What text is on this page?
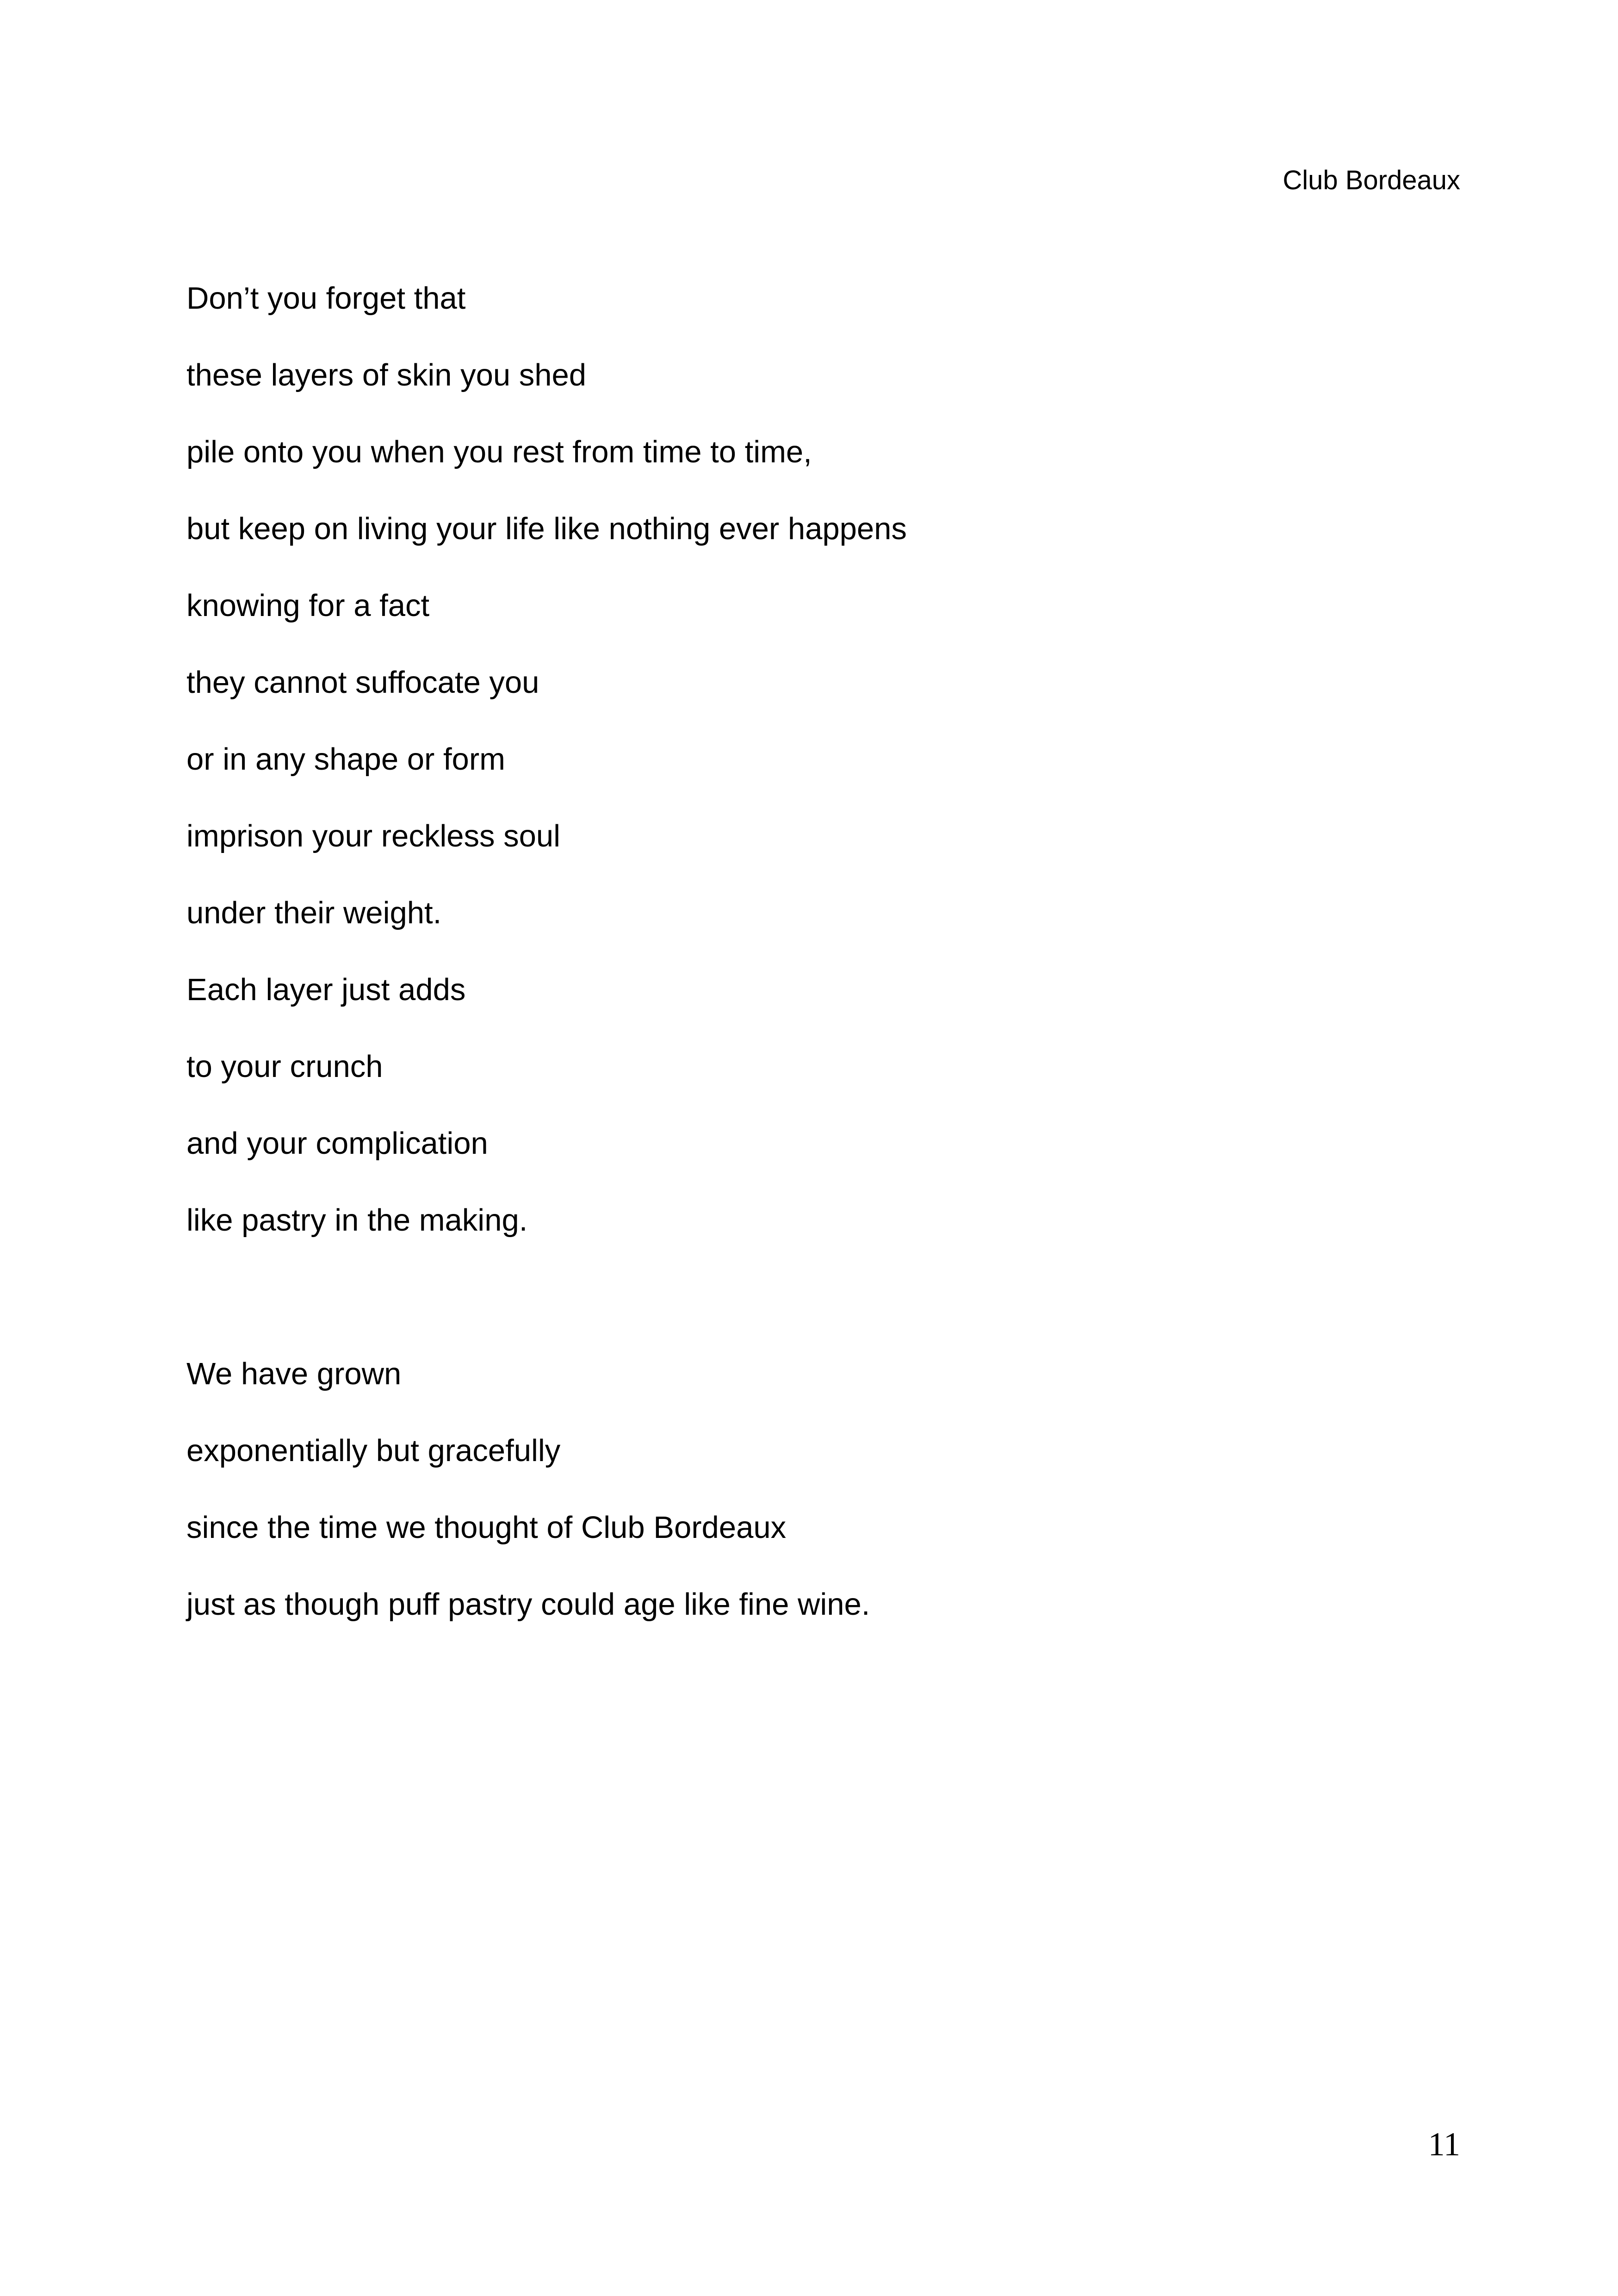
Club Bordeaux
Don’t you forget that
these layers of skin you shed
pile onto you when you rest from time to time,
but keep on living your life like nothing ever happens
knowing for a fact
they cannot suffocate you
or in any shape or form
imprison your reckless soul
under their weight.
Each layer just adds
to your crunch
and your complication
like pastry in the making.
We have grown
exponentially but gracefully
since the time we thought of Club Bordeaux
just as though puff pastry could age like fine wine.
11
